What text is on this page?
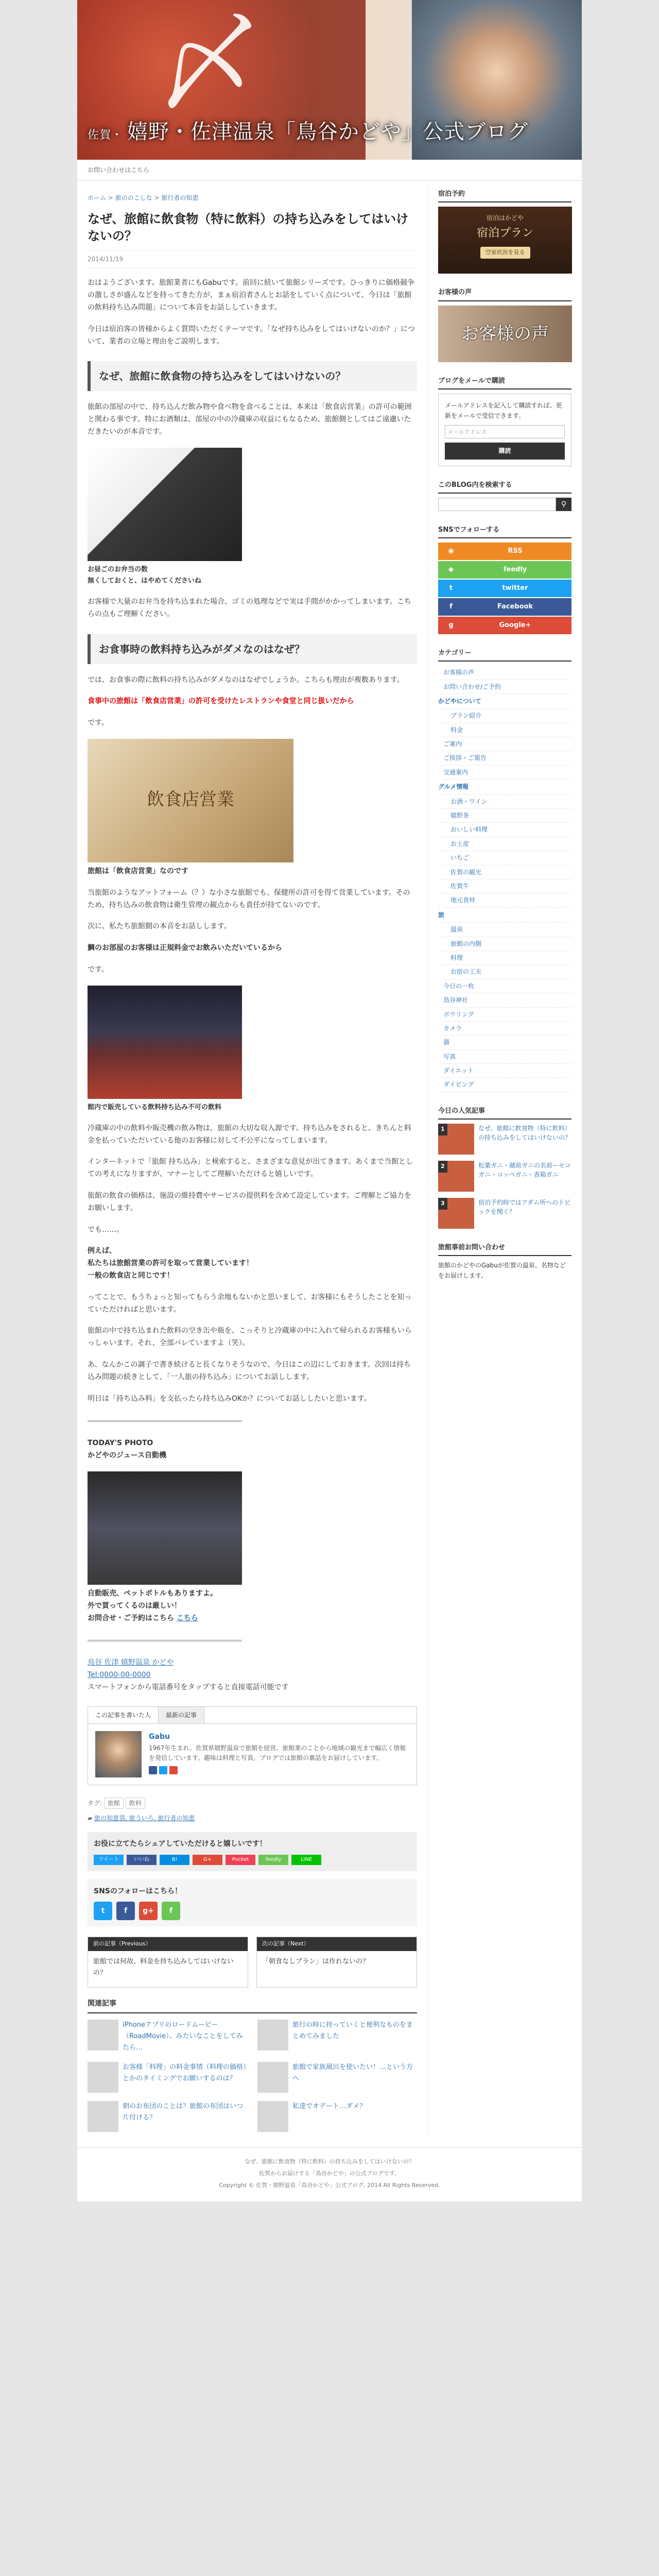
〆
佐賀・ 嬉野・佐津温泉「鳥谷かどや」公式ブログ
お問い合わせはこちら
ホーム > 旅ののこしな > 旅行者の知恵
なぜ、旅館に飲食物（特に飲料）の持ち込みをしてはいけないの？
2014/11/19

おはようございます。旅館業者にもGabuです。前回に続いて旅館シリーズです。ひっきりに価格競争の激しさが盛んなどを持ってきた方が、まぁ宿泊者さんとお話をしていく点について、今日は「旅館の飲料持ち込み問題」について本音をお話ししていきます。

今日は宿泊客の皆様からよく質問いただくテーマです。「なぜ持ち込みをしてはいけないのか？」について、業者の立場と理由をご説明します。

なぜ、旅館に飲食物の持ち込みをしてはいけないの？

旅館の部屋の中で、持ち込んだ飲み物や食べ物を食べることは、本来は「飲食店営業」の許可の範囲と関わる事です。特にお酒類は、部屋の中の冷蔵庫の収益にもなるため、旅館側としてはご遠慮いただきたいのが本音です。

お昼ごのお弁当の数
無くしておくと、はやめてくださいね

お客様で大量のお弁当を持ち込まれた場合、ゴミの処理などで実は手間がかかってしまいます。こちらの点もご理解ください。

お食事時の飲料持ち込みがダメなのはなぜ？

では、お食事の際に飲料の持ち込みがダメなのはなぜでしょうか。こちらも理由が複数あります。

食事中の旅館は「飲食店営業」の許可を受けたレストランや食堂と同じ扱いだから

です。

飲食店営業

旅館は「飲食店営業」なのです

当旅館のようなアットフォーム（？）な小さな旅館でも、保健所の許可を得て営業しています。そのため、持ち込みの飲食物は衛生管理の観点からも責任が持てないのです。

次に、私たち旅館側の本音をお話しします。

鯛のお部屋のお客様は正規料金でお飲みいただいているから

です。

館内で販売している飲料持ち込み不可の飲料

冷蔵庫の中の飲料や販売機の飲み物は、旅館の大切な収入源です。持ち込みをされると、きちんと料金を払っていただいている他のお客様に対して不公平になってしまいます。

インターネットで「旅館 持ち込み」と検索すると、さまざまな意見が出てきます。あくまで当館としての考えになりますが、マナーとしてご理解いただけると嬉しいです。

旅館の飲食の価格は、施設の維持費やサービスの提供料を含めて設定しています。ご理解とご協力をお願いします。

でも……。

例えば、
私たちは旅館営業の許可を取って営業しています！
一般の飲食店と同じです！

ってことで、もうちょっと知ってもらう余地もないかと思いまして、お客様にもそうしたことを知っていただければと思います。

旅館の中で持ち込まれた飲料の空き缶や瓶を、こっそりと冷蔵庫の中に入れて帰られるお客様もいらっしゃいます。それ、全部バレていますよ（笑）。

あ、なんかこの調子で書き続けると長くなりそうなので、今日はこの辺にしておきます。次回は持ち込み問題の続きとして、「一人旅の持ち込み」についてお話しします。

明日は「持ち込み料」を支払ったら持ち込みOKか？についてお話ししたいと思います。

TODAY'S PHOTO
かどやのジュース自動機

自動販売、ペットボトルもありますよ。
外で買ってくるのは厳しい！
お問合せ・ご予約はこちら こちら

鳥谷 佐津 嬉野温泉 かどや
Tel:0000-00-0000
スマートフォンから電話番号をタップすると直接電話可能です

この記事を書いた人	最新の記事
Gabu
1967年生まれ。佐賀県嬉野温泉で旅館を経営。旅館業のことから地域の観光まで幅広く情報を発信しています。趣味は料理と写真。ブログでは旅館の裏話をお届けしています。
タグ: 旅館 飲料
▰ 旅の知恵袋, 旅ういろ, 旅行者の知恵
お役に立てたらシェアしていただけると嬉しいです！
ツイート	いいね	B!	G+	Pocket	feedly	LINE
SNSのフォローはこちら！
t	f	g+	f
前の記事（Previous）
旅館では何故、料金を持ち込みしてはいけないの？
次の記事（Next）
「朝食なしプラン」は作れないの？
関連記事
iPhoneアプリのロードムービー（RoadMovie）、みたいなことをしてみたら…
旅行の時に持っていくと便利なものをまとめてみました
お客様「料理」の料金事情（料理の価格）とかのタイミングでお願いするのは？
旅館で家族風呂を使いたい！…という方へ
朝のお布団のことは？旅館の布団はいつ片付ける？
私達でオデート…ダメ？
宿泊予約
宿泊はかどや
宿泊プラン
空室状況を見る
お客様の声
お客様の声
ブログをメールで購読
メールアドレスを記入して購読すれば、更新をメールで受信できます。
メールアドレス
購読
このBLOG内を検索する
⚲
SNSでフォローする
◉	RSS
◆	feedly
t	twitter
f	Facebook
g	Google+
カテゴリー
お客様の声
お問い合わせ/ご予約
かどやについて
プラン紹介
料金
ご案内
ご挨拶・ご報告
交通案内
グルメ情報
お酒・ワイン
嬉野茶
おいしい料理
お土産
いちご
佐賀の観光
佐賀牛
地元食材
旅
温泉
旅館の内側
料理
お宿の工夫
今日の一枚
鳥谷神社
ボウリング
カメラ
器
写真
ダイエット
ダイビング
今日の人気記事
1	なぜ、旅館に飲食物（特に飲料）の持ち込みをしてはいけないの？
2	松葉ガニ・越前ガニの名前ーセコガニ・コッペガニ・香箱ガニ
3	宿泊予約時ではアダム所へのトピックを聞く？
旅館事前お問い合わせ
旅館のかどやのGabuが佐賀の温泉、名物などをお届けします。
なぜ、旅館に飲食物（特に飲料）の持ち込みをしてはいけないの？
佐賀からお届けする「鳥谷かどや」の公式ブログです。
Copyright © 佐賀・嬉野温泉「鳥谷かどや」公式ブログ, 2014 All Rights Reserved.
